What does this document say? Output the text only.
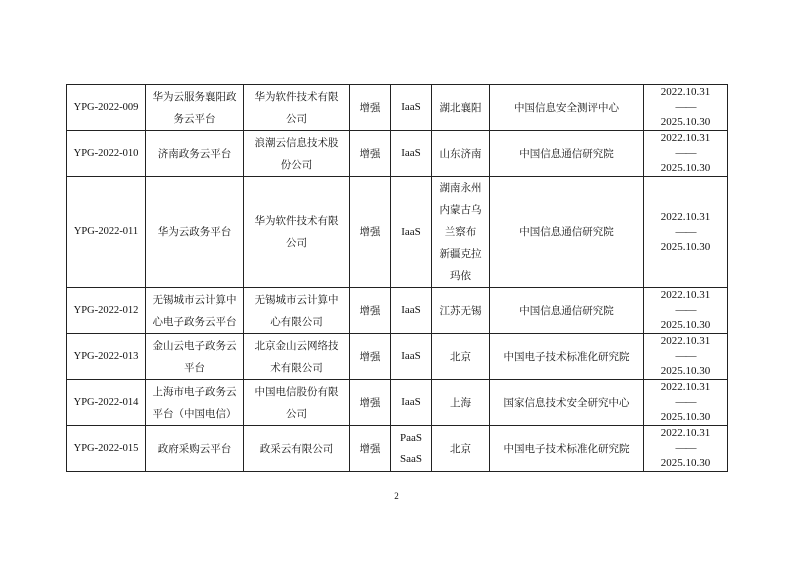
YPG-2022-009	华为云服务襄阳政
务云平台	华为软件技术有限
公司	增强	IaaS	湖北襄阳	中国信息安全测评中心	2022.10.31
——
2025.10.30

YPG-2022-010	济南政务云平台	浪潮云信息技术股
份公司	增强	IaaS	山东济南	中国信息通信研究院	2022.10.31
——
2025.10.30

YPG-2022-011	华为云政务平台	华为软件技术有限
公司	增强	IaaS	湖南永州
内蒙古乌
兰察布
新疆克拉
玛依	中国信息通信研究院	2022.10.31
——
2025.10.30

YPG-2022-012	无锡城市云计算中
心电子政务云平台	无锡城市云计算中
心有限公司	增强	IaaS	江苏无锡	中国信息通信研究院	2022.10.31
——
2025.10.30

YPG-2022-013	金山云电子政务云
平台	北京金山云网络技
术有限公司	增强	IaaS	北京	中国电子技术标准化研究院	2022.10.31
——
2025.10.30

YPG-2022-014	上海市电子政务云
平台（中国电信）	中国电信股份有限
公司	增强	IaaS	上海	国家信息技术安全研究中心	2022.10.31
——
2025.10.30

YPG-2022-015	政府采购云平台	政采云有限公司	增强	PaaS
SaaS	北京	中国电子技术标准化研究院	2022.10.31
——
2025.10.30
2
